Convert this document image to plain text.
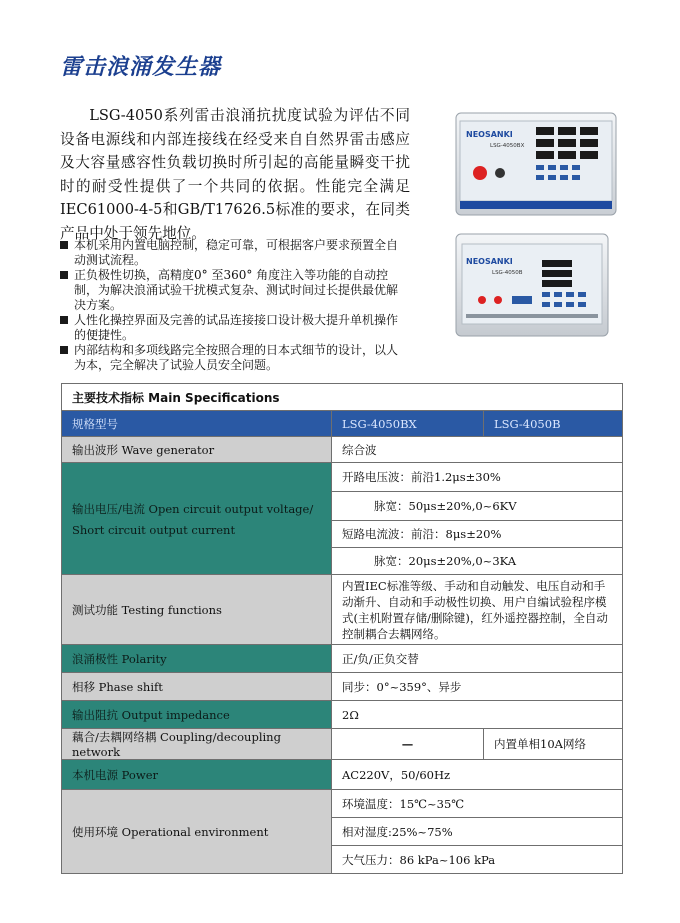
雷击浪涌发生器
LSG-4050系列雷击浪涌抗扰度试验为评估不同设备电源线和内部连接线在经受来自自然界雷击感应及大容量感容性负载切换时所引起的高能量瞬变干扰时的耐受性提供了一个共同的依据。性能完全满足IEC61000-4-5和GB/T17626.5标准的要求，在同类产品中处于领先地位。
NEOSANKI
LSG-4050BX
NEOSANKI
LSG-4050B
本机采用内置电脑控制，稳定可靠，可根据客户要求预置全自动测试流程。
正负极性切换，高精度0° 至360° 角度注入等功能的自动控制，为解决浪涌试验干扰模式复杂、测试时间过长提供最优解决方案。
人性化操控界面及完善的试品连接接口设计极大提升单机操作的便捷性。
内部结构和多项线路完全按照合理的日本式细节的设计，以人为本，完全解决了试验人员安全问题。
主要技术指标 Main Specifications		
规格型号	LSG-4050BX	LSG-4050B
输出波形 Wave generator	综合波	

输出电压/电流 Open circuit output voltage/
Short circuit output current	开路电压波：前沿1.2μs±30%	
	脉宽：50μs±20%,0~6KV	
	短路电流波：前沿：8μs±20%	
	脉宽：20μs±20%,0~3KA	
测试功能 Testing functions	内置IEC标准等级、手动和自动触发、电压自动和手动渐升、自动和手动极性切换、用户自编试验程序模式(主机附置存储/删除键)，红外遥控器控制，全自动控制耦合去耦网络。	
浪涌极性 Polarity	正/负/正负交替	
相移 Phase shift	同步：0°~359°、异步	
输出阻抗 Output impedance	2Ω	
藕合/去耦网络耦 Coupling/decoupling network	—	内置单相10A网络
本机电源 Power	AC220V，50/60Hz	
使用环境 Operational environment	环境温度：15℃~35℃	
	相对湿度:25%~75%	
	大气压力：86 kPa~106 kPa	
